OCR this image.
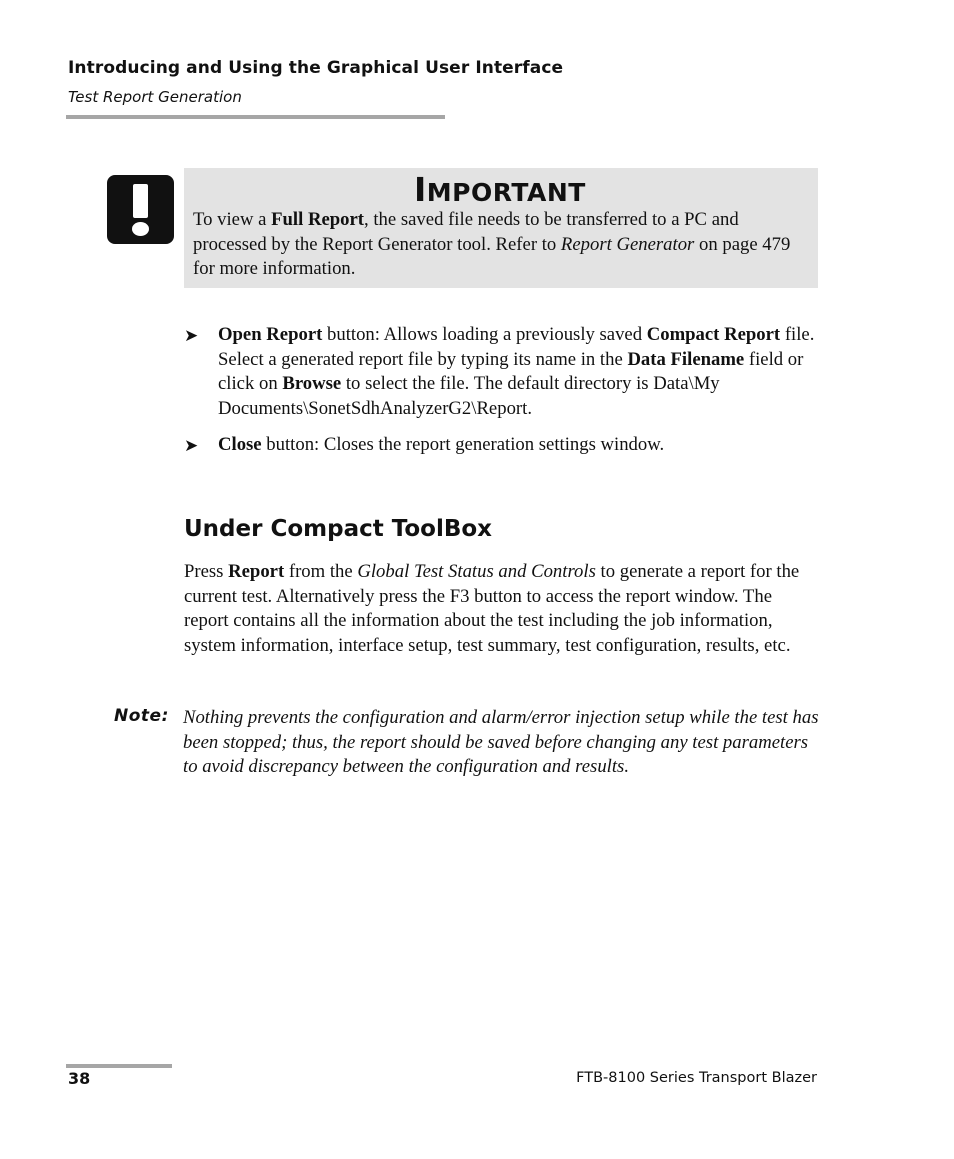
Introducing and Using the Graphical User Interface
Test Report Generation
IMPORTANT
To view a Full Report, the saved file needs to be transferred to a PC and processed by the Report Generator tool. Refer to Report Generator on page 479 for more information.
➤ Open Report button: Allows loading a previously saved Compact Report file. Select a generated report file by typing its name in the Data Filename field or click on Browse to select the file. The default directory is Data\My Documents\SonetSdhAnalyzerG2\Report.
➤ Close button: Closes the report generation settings window.
Under Compact ToolBox
Press Report from the Global Test Status and Controls to generate a report for the current test. Alternatively press the F3 button to access the report window. The report contains all the information about the test including the job information, system information, interface setup, test summary, test configuration, results, etc.
Note: Nothing prevents the configuration and alarm/error injection setup while the test has been stopped; thus, the report should be saved before changing any test parameters to avoid discrepancy between the configuration and results.
38	FTB-8100 Series Transport Blazer
